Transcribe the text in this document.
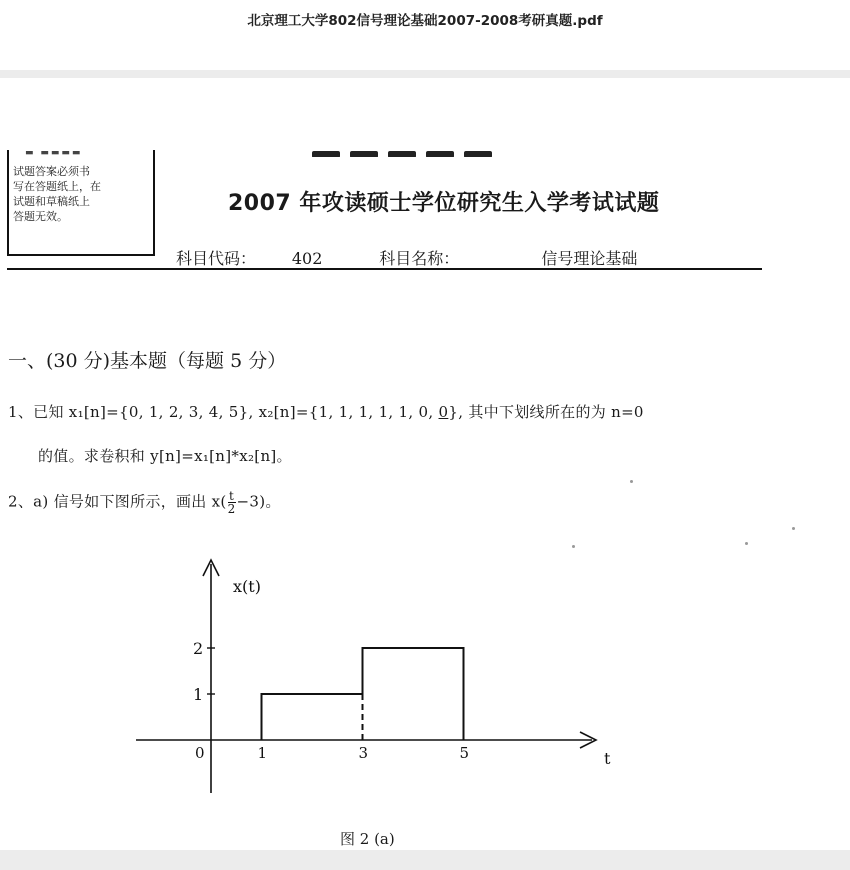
北京理工大学802信号理论基础2007-2008考研真题.pdf
▬ ▬▬▬▬
试题答案必须书
写在答题纸上，在
试题和草稿纸上
答题无效。
2007 年攻读硕士学位研究生入学考试试题
科目代码： 402	科目名称：	信号理论基础
一、(30 分)基本题（每题 5 分）
1、已知 x₁[n]={0, 1, 2, 3, 4, 5}, x₂[n]={1, 1, 1, 1, 1, 0, 0}, 其中下划线所在的为 n=0
的值。求卷积和 y[n]=x₁[n]*x₂[n]。
2、a) 信号如下图所示，画出 $x( \frac{t}{2} -3)$。
1
2
1	3	5
0
x(t)
t
图 2 (a)
